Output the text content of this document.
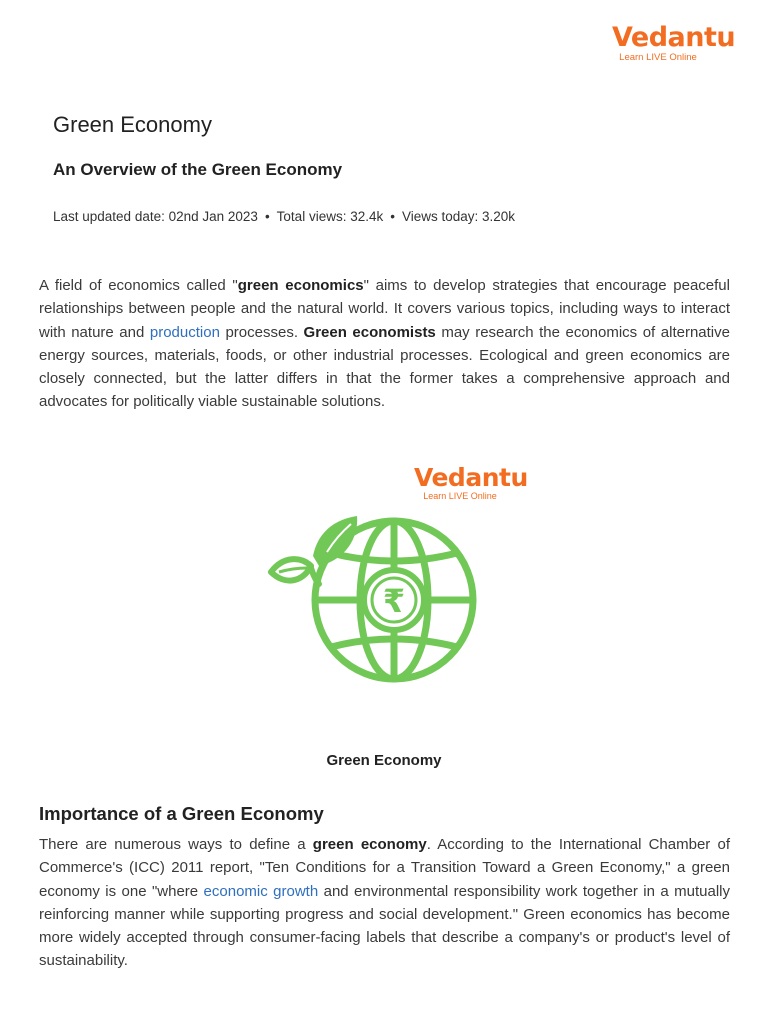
Vedantu
Learn LIVE Online
Green Economy
An Overview of the Green Economy
Last updated date: 02nd Jan 2023 • Total views: 32.4k • Views today: 3.20k

A field of economics called "green economics" aims to develop strategies that encourage peaceful relationships between people and the natural world. It covers various topics, including ways to interact with nature and production processes. Green economists may research the economics of alternative energy sources, materials, foods, or other industrial processes. Ecological and green economics are closely connected, but the latter differs in that the former takes a comprehensive approach and advocates for politically viable sustainable solutions.

Vedantu
Learn LIVE Online
₹
Green Economy
Importance of a Green Economy

There are numerous ways to define a green economy. According to the International Chamber of Commerce's (ICC) 2011 report, "Ten Conditions for a Transition Toward a Green Economy," a green economy is one "where economic growth and environmental responsibility work together in a mutually reinforcing manner while supporting progress and social development." Green economics has become more widely accepted through consumer-facing labels that describe a company's or product's level of sustainability.
